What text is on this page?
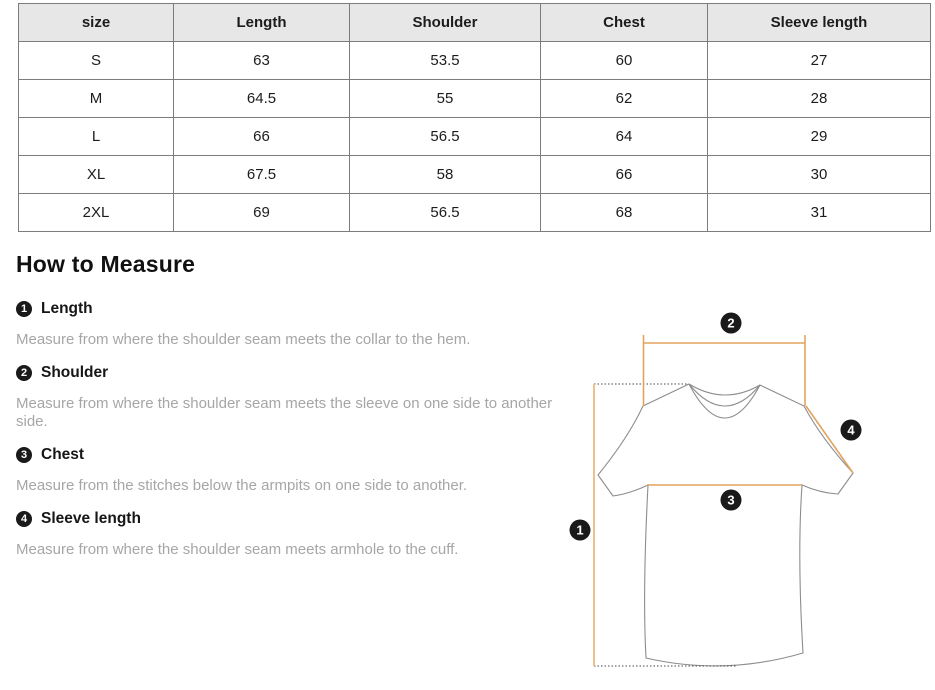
size	Length	Shoulder	Chest	Sleeve length
S	63	53.5	60	27
M	64.5	55	62	28
L	66	56.5	64	29
XL	67.5	58	66	30
2XL	69	56.5	68	31
How to Measure
1 Length

Measure from where the shoulder seam meets the collar to the hem.

2 Shoulder

Measure from where the shoulder seam meets the sleeve on one side to another side.

3 Chest

Measure from the stitches below the armpits on one side to another.

4 Sleeve length

Measure from where the shoulder seam meets armhole to the cuff.

1
2
3
4
